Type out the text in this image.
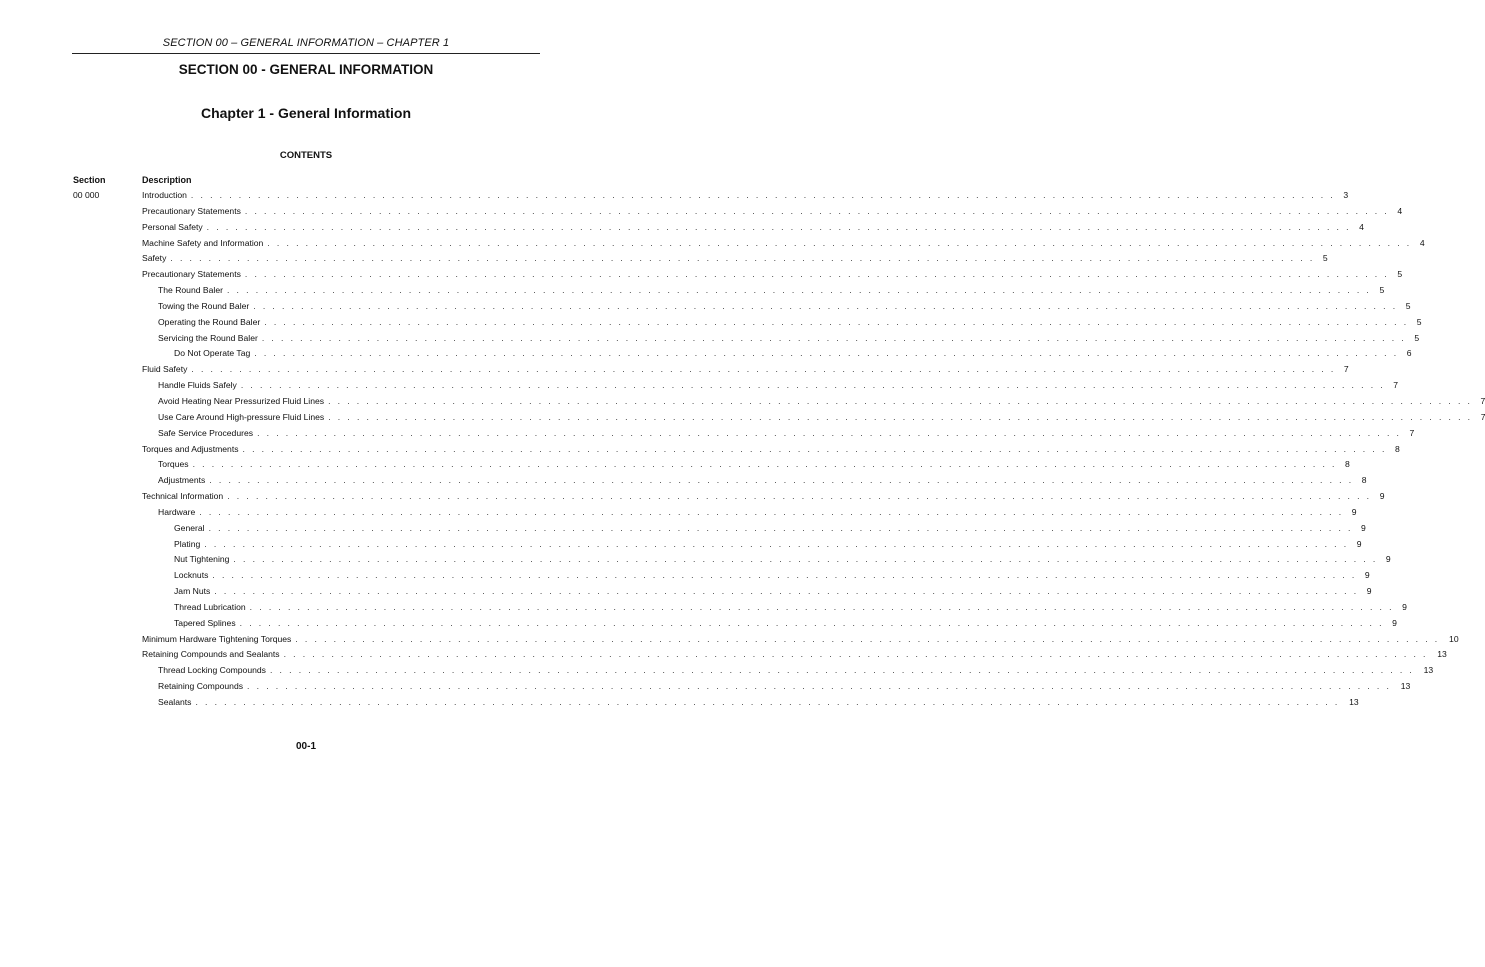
SECTION 00 – GENERAL INFORMATION – CHAPTER 1
SECTION 00 - GENERAL INFORMATION
Chapter 1 - General Information
CONTENTS
Section	Description
00 000	Introduction . . . . . . . . . . . . . . . . . . . . . . . . . . . . . . . . . . . . . . . . . . . . . . . . . . . . . . . . . . . . . . . . . . . . . . . . . . . . . . . . . . . . . . . . . . . . . . . . . . . . . . . . . . . . . . . . . . . . . . . . 3
Precautionary Statements . . . . . . . . . . . . . . . . . . . . . . . . . . . . . . . . . . . . . . . . . . . . . . . . . . . . . . . . . . . . . . . . . . . . . . . . . . . . . . . . . . . . . . . . . . . . . . . . . . . . . . . . . . . . . . . . . . . . . . . . 4
Personal Safety . . . . . . . . . . . . . . . . . . . . . . . . . . . . . . . . . . . . . . . . . . . . . . . . . . . . . . . . . . . . . . . . . . . . . . . . . . . . . . . . . . . . . . . . . . . . . . . . . . . . . . . . . . . . . . . . . . . . . . . . 4
Machine Safety and Information . . . . . . . . . . . . . . . . . . . . . . . . . . . . . . . . . . . . . . . . . . . . . . . . . . . . . . . . . . . . . . . . . . . . . . . . . . . . . . . . . . . . . . . . . . . . . . . . . . . . . . . . . . . . . . . . . . . . . . . . 4
Safety . . . . . . . . . . . . . . . . . . . . . . . . . . . . . . . . . . . . . . . . . . . . . . . . . . . . . . . . . . . . . . . . . . . . . . . . . . . . . . . . . . . . . . . . . . . . . . . . . . . . . . . . . . . . . . . . . . . . . . . . 5
Precautionary Statements . . . . . . . . . . . . . . . . . . . . . . . . . . . . . . . . . . . . . . . . . . . . . . . . . . . . . . . . . . . . . . . . . . . . . . . . . . . . . . . . . . . . . . . . . . . . . . . . . . . . . . . . . . . . . . . . . . . . . . . . 5
The Round Baler . . . . . . . . . . . . . . . . . . . . . . . . . . . . . . . . . . . . . . . . . . . . . . . . . . . . . . . . . . . . . . . . . . . . . . . . . . . . . . . . . . . . . . . . . . . . . . . . . . . . . . . . . . . . . . . . . . . . . . . . 5
Towing the Round Baler . . . . . . . . . . . . . . . . . . . . . . . . . . . . . . . . . . . . . . . . . . . . . . . . . . . . . . . . . . . . . . . . . . . . . . . . . . . . . . . . . . . . . . . . . . . . . . . . . . . . . . . . . . . . . . . . . . . . . . . . 5
Operating the Round Baler . . . . . . . . . . . . . . . . . . . . . . . . . . . . . . . . . . . . . . . . . . . . . . . . . . . . . . . . . . . . . . . . . . . . . . . . . . . . . . . . . . . . . . . . . . . . . . . . . . . . . . . . . . . . . . . . . . . . . . . . 5
Servicing the Round Baler . . . . . . . . . . . . . . . . . . . . . . . . . . . . . . . . . . . . . . . . . . . . . . . . . . . . . . . . . . . . . . . . . . . . . . . . . . . . . . . . . . . . . . . . . . . . . . . . . . . . . . . . . . . . . . . . . . . . . . . . 5
Do Not Operate Tag . . . . . . . . . . . . . . . . . . . . . . . . . . . . . . . . . . . . . . . . . . . . . . . . . . . . . . . . . . . . . . . . . . . . . . . . . . . . . . . . . . . . . . . . . . . . . . . . . . . . . . . . . . . . . . . . . . . . . . . . 6
Fluid Safety . . . . . . . . . . . . . . . . . . . . . . . . . . . . . . . . . . . . . . . . . . . . . . . . . . . . . . . . . . . . . . . . . . . . . . . . . . . . . . . . . . . . . . . . . . . . . . . . . . . . . . . . . . . . . . . . . . . . . . . . 7
Handle Fluids Safely . . . . . . . . . . . . . . . . . . . . . . . . . . . . . . . . . . . . . . . . . . . . . . . . . . . . . . . . . . . . . . . . . . . . . . . . . . . . . . . . . . . . . . . . . . . . . . . . . . . . . . . . . . . . . . . . . . . . . . . . 7
Avoid Heating Near Pressurized Fluid Lines . . . . . . . . . . . . . . . . . . . . . . . . . . . . . . . . . . . . . . . . . . . . . . . . . . . . . . . . . . . . . . . . . . . . . . . . . . . . . . . . . . . . . . . . . . . . . . . . . . . . . . . . . . . . . . . . . . . . . . . . 7
Use Care Around High-pressure Fluid Lines . . . . . . . . . . . . . . . . . . . . . . . . . . . . . . . . . . . . . . . . . . . . . . . . . . . . . . . . . . . . . . . . . . . . . . . . . . . . . . . . . . . . . . . . . . . . . . . . . . . . . . . . . . . . . . . . . . . . . . . . 7
Safe Service Procedures . . . . . . . . . . . . . . . . . . . . . . . . . . . . . . . . . . . . . . . . . . . . . . . . . . . . . . . . . . . . . . . . . . . . . . . . . . . . . . . . . . . . . . . . . . . . . . . . . . . . . . . . . . . . . . . . . . . . . . . . 7
Torques and Adjustments . . . . . . . . . . . . . . . . . . . . . . . . . . . . . . . . . . . . . . . . . . . . . . . . . . . . . . . . . . . . . . . . . . . . . . . . . . . . . . . . . . . . . . . . . . . . . . . . . . . . . . . . . . . . . . . . . . . . . . . . 8
Torques . . . . . . . . . . . . . . . . . . . . . . . . . . . . . . . . . . . . . . . . . . . . . . . . . . . . . . . . . . . . . . . . . . . . . . . . . . . . . . . . . . . . . . . . . . . . . . . . . . . . . . . . . . . . . . . . . . . . . . . . 8
Adjustments . . . . . . . . . . . . . . . . . . . . . . . . . . . . . . . . . . . . . . . . . . . . . . . . . . . . . . . . . . . . . . . . . . . . . . . . . . . . . . . . . . . . . . . . . . . . . . . . . . . . . . . . . . . . . . . . . . . . . . . . 8
Technical Information . . . . . . . . . . . . . . . . . . . . . . . . . . . . . . . . . . . . . . . . . . . . . . . . . . . . . . . . . . . . . . . . . . . . . . . . . . . . . . . . . . . . . . . . . . . . . . . . . . . . . . . . . . . . . . . . . . . . . . . . 9
Hardware . . . . . . . . . . . . . . . . . . . . . . . . . . . . . . . . . . . . . . . . . . . . . . . . . . . . . . . . . . . . . . . . . . . . . . . . . . . . . . . . . . . . . . . . . . . . . . . . . . . . . . . . . . . . . . . . . . . . . . . . 9
General . . . . . . . . . . . . . . . . . . . . . . . . . . . . . . . . . . . . . . . . . . . . . . . . . . . . . . . . . . . . . . . . . . . . . . . . . . . . . . . . . . . . . . . . . . . . . . . . . . . . . . . . . . . . . . . . . . . . . . . . 9
Plating . . . . . . . . . . . . . . . . . . . . . . . . . . . . . . . . . . . . . . . . . . . . . . . . . . . . . . . . . . . . . . . . . . . . . . . . . . . . . . . . . . . . . . . . . . . . . . . . . . . . . . . . . . . . . . . . . . . . . . . . 9
Nut Tightening . . . . . . . . . . . . . . . . . . . . . . . . . . . . . . . . . . . . . . . . . . . . . . . . . . . . . . . . . . . . . . . . . . . . . . . . . . . . . . . . . . . . . . . . . . . . . . . . . . . . . . . . . . . . . . . . . . . . . . . . 9
Locknuts . . . . . . . . . . . . . . . . . . . . . . . . . . . . . . . . . . . . . . . . . . . . . . . . . . . . . . . . . . . . . . . . . . . . . . . . . . . . . . . . . . . . . . . . . . . . . . . . . . . . . . . . . . . . . . . . . . . . . . . . 9
Jam Nuts . . . . . . . . . . . . . . . . . . . . . . . . . . . . . . . . . . . . . . . . . . . . . . . . . . . . . . . . . . . . . . . . . . . . . . . . . . . . . . . . . . . . . . . . . . . . . . . . . . . . . . . . . . . . . . . . . . . . . . . . 9
Thread Lubrication . . . . . . . . . . . . . . . . . . . . . . . . . . . . . . . . . . . . . . . . . . . . . . . . . . . . . . . . . . . . . . . . . . . . . . . . . . . . . . . . . . . . . . . . . . . . . . . . . . . . . . . . . . . . . . . . . . . . . . . . 9
Tapered Splines . . . . . . . . . . . . . . . . . . . . . . . . . . . . . . . . . . . . . . . . . . . . . . . . . . . . . . . . . . . . . . . . . . . . . . . . . . . . . . . . . . . . . . . . . . . . . . . . . . . . . . . . . . . . . . . . . . . . . . . . 9
Minimum Hardware Tightening Torques . . . . . . . . . . . . . . . . . . . . . . . . . . . . . . . . . . . . . . . . . . . . . . . . . . . . . . . . . . . . . . . . . . . . . . . . . . . . . . . . . . . . . . . . . . . . . . . . . . . . . . . . . . . . . . . . . . . . . . . .	10
Retaining Compounds and Sealants . . . . . . . . . . . . . . . . . . . . . . . . . . . . . . . . . . . . . . . . . . . . . . . . . . . . . . . . . . . . . . . . . . . . . . . . . . . . . . . . . . . . . . . . . . . . . . . . . . . . . . . . . . . . . . . . . . . . . . . .	13
Thread Locking Compounds . . . . . . . . . . . . . . . . . . . . . . . . . . . . . . . . . . . . . . . . . . . . . . . . . . . . . . . . . . . . . . . . . . . . . . . . . . . . . . . . . . . . . . . . . . . . . . . . . . . . . . . . . . . . . . . . . . . . . . . .	13
Retaining Compounds . . . . . . . . . . . . . . . . . . . . . . . . . . . . . . . . . . . . . . . . . . . . . . . . . . . . . . . . . . . . . . . . . . . . . . . . . . . . . . . . . . . . . . . . . . . . . . . . . . . . . . . . . . . . . . . . . . . . . . . .	13
Sealants . . . . . . . . . . . . . . . . . . . . . . . . . . . . . . . . . . . . . . . . . . . . . . . . . . . . . . . . . . . . . . . . . . . . . . . . . . . . . . . . . . . . . . . . . . . . . . . . . . . . . . . . . . . . . . . . . . . . . . . .	13
00-1
